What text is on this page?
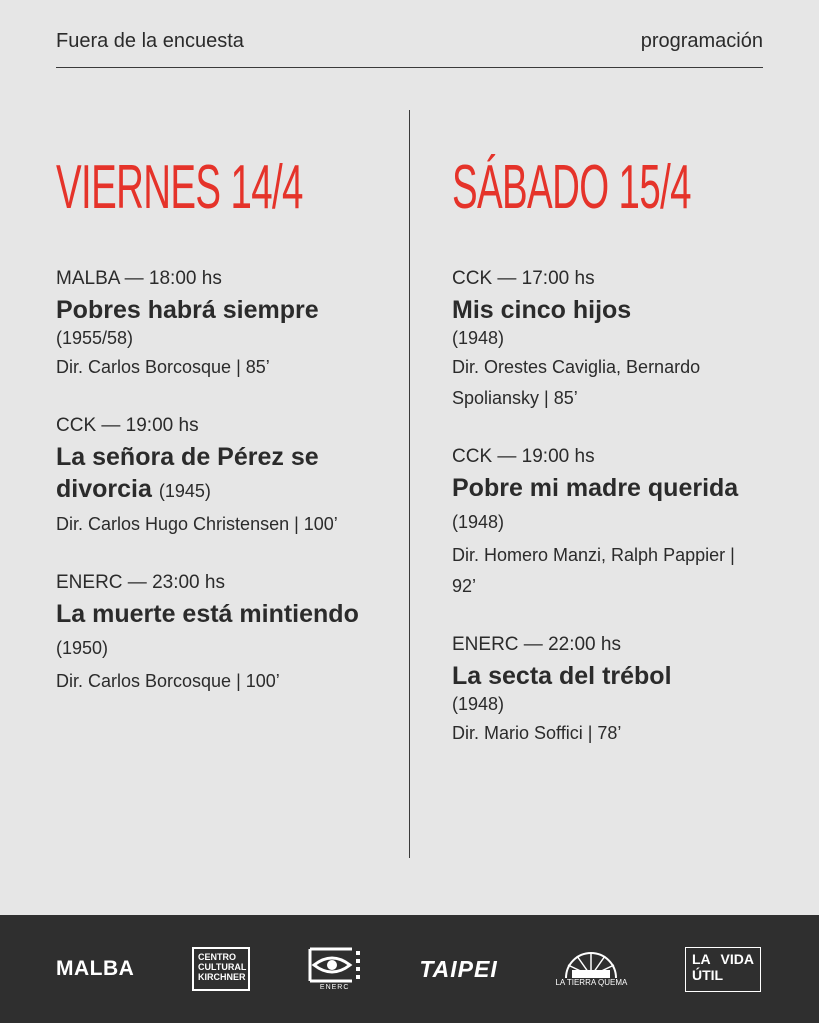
Fuera de la encuesta	programación
VIERNES 14/4
MALBA — 18:00 hs
Pobres habrá siempre
(1955/58)
Dir. Carlos Borcosque | 85’
CCK — 19:00 hs
La señora de Pérez se divorcia (1945)
Dir. Carlos Hugo Christensen | 100’
ENERC — 23:00 hs
La muerte está mintiendo (1950)
Dir. Carlos Borcosque | 100’
SÁBADO 15/4
CCK — 17:00 hs
Mis cinco hijos
(1948)
Dir. Orestes Caviglia, Bernardo Spoliansky | 85’
CCK — 19:00 hs
Pobre mi madre querida (1948)
Dir. Homero Manzi, Ralph Pappier | 92’
ENERC — 22:00 hs
La secta del trébol
(1948)
Dir. Mario Soffici | 78’
MALBA	CENTRO CULTURAL KIRCHNER
ENERC
TAIPEI
LA TIERRA QUEMA
LA VIDA
ÚTIL
